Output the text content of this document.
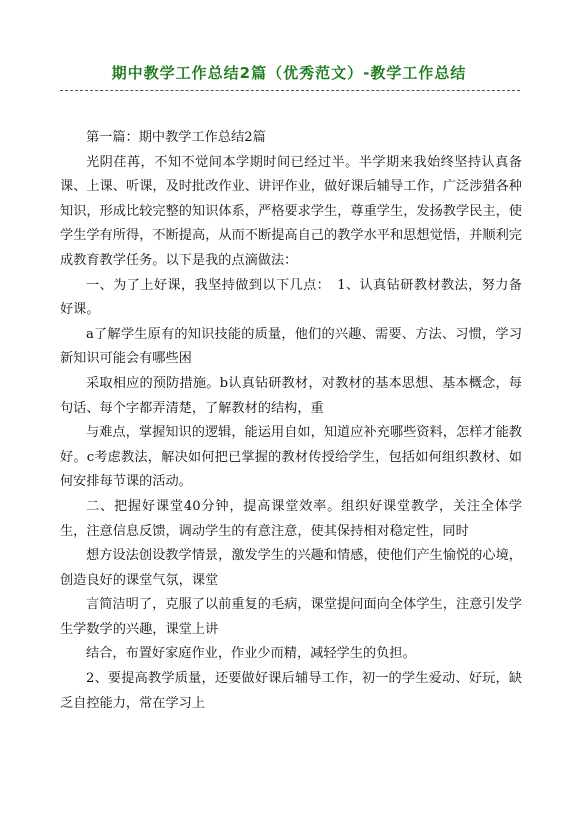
期中教学工作总结2篇（优秀范文）-教学工作总结

第一篇：期中教学工作总结2篇

光阴荏苒，不知不觉间本学期时间已经过半。半学期来我始终坚持认真备课、上课、听课，及时批改作业、讲评作业，做好课后辅导工作，广泛涉猎各种知识，形成比较完整的知识体系，严格要求学生，尊重学生，发扬教学民主，使学生学有所得，不断提高，从而不断提高自己的教学水平和思想觉悟，并顺利完成教育教学任务。以下是我的点滴做法：

一、为了上好课，我坚持做到以下几点：　1、认真钻研教材教法，努力备好课。

a了解学生原有的知识技能的质量，他们的兴趣、需要、方法、习惯，学习新知识可能会有哪些困

采取相应的预防措施。b认真钻研教材，对教材的基本思想、基本概念，每句话、每个字都弄清楚，了解教材的结构，重

与难点，掌握知识的逻辑，能运用自如，知道应补充哪些资料，怎样才能教好。c考虑教法，解决如何把已掌握的教材传授给学生，包括如何组织教材、如何安排每节课的活动。

二、把握好课堂40分钟，提高课堂效率。组织好课堂教学，关注全体学生，注意信息反馈，调动学生的有意注意，使其保持相对稳定性，同时

想方设法创设教学情景，激发学生的兴趣和情感，使他们产生愉悦的心境，创造良好的课堂气氛，课堂

言简洁明了，克服了以前重复的毛病，课堂提问面向全体学生，注意引发学生学数学的兴趣，课堂上讲

结合，布置好家庭作业，作业少而精，减轻学生的负担。

2、要提高教学质量，还要做好课后辅导工作，初一的学生爱动、好玩，缺乏自控能力，常在学习上
